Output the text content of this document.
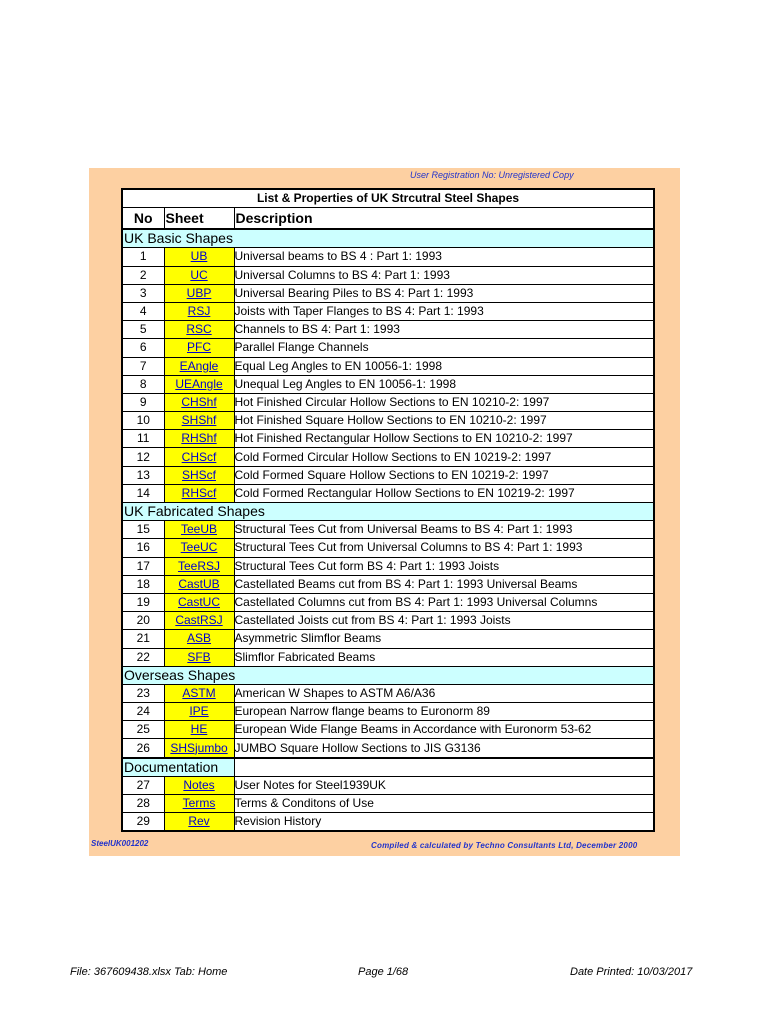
User Registration No: Unregistered Copy
List & Properties of UK Strcutral Steel Shapes		
No	Sheet	Description
UK Basic Shapes		
1	UB	Universal beams to BS 4 : Part 1: 1993
2	UC	Universal Columns to BS 4: Part 1: 1993
3	UBP	Universal Bearing Piles to BS 4: Part 1: 1993
4	RSJ	Joists with Taper Flanges to BS 4: Part 1: 1993
5	RSC	Channels to BS 4: Part 1: 1993
6	PFC	Parallel Flange Channels
7	EAngle	Equal Leg Angles to EN 10056-1: 1998
8	UEAngle	Unequal Leg Angles to EN 10056-1: 1998
9	CHShf	Hot Finished Circular Hollow Sections to EN 10210-2: 1997
10	SHShf	Hot Finished Square Hollow Sections to EN 10210-2: 1997
11	RHShf	Hot Finished Rectangular Hollow Sections to EN 10210-2: 1997
12	CHScf	Cold Formed Circular Hollow Sections to EN 10219-2: 1997
13	SHScf	Cold Formed Square Hollow Sections to EN 10219-2: 1997
14	RHScf	Cold Formed Rectangular Hollow Sections to EN 10219-2: 1997
UK Fabricated Shapes		
15	TeeUB	Structural Tees Cut from Universal Beams to BS 4: Part 1: 1993
16	TeeUC	Structural Tees Cut from Universal Columns to BS 4: Part 1: 1993
17	TeeRSJ	Structural Tees Cut form BS 4: Part 1: 1993 Joists
18	CastUB	Castellated Beams cut from BS 4: Part 1: 1993 Universal Beams
19	CastUC	Castellated Columns cut from BS 4: Part 1: 1993 Universal Columns
20	CastRSJ	Castellated Joists cut from BS 4: Part 1: 1993 Joists
21	ASB	Asymmetric Slimflor Beams
22	SFB	Slimflor Fabricated Beams
Overseas Shapes		
23	ASTM	American W Shapes to ASTM A6/A36
24	IPE	European Narrow flange beams to Euronorm 89
25	HE	European Wide Flange Beams in Accordance with Euronorm 53-62
26	SHSjumbo	JUMBO Square Hollow Sections to JIS G3136
Documentation		
27	Notes	User Notes for Steel1939UK
28	Terms	Terms & Conditons of Use
29	Rev	Revision History
SteelUK001202	Compiled & calculated by Techno Consultants Ltd, December 2000
File: 367609438.xlsx Tab: Home	Page 1/68	Date Printed: 10/03/2017
